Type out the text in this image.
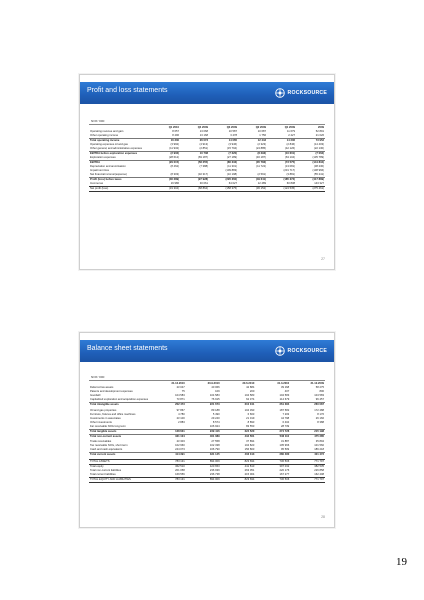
Profit and loss statements	ROCKSOURCE
NOK '000
	Q1 2010	Q4 2009	Q3 2009	Q2 2009	Q1 2009	2009
Operating revenue and gain	8 657	13 068	10 587	10 687	11 679	52 891
Other operating income	8 496	13 168	3 478	1 756	2 427	21 026
Total operating income	16 330	26 073	14 065	12 443	14 206	73 952
Operating expenses oil and gas	(3 992)	(4 913)	(3 946)	(2 323)	(2 846)	(14 403)
Other general, and administrative expenses	(11 932)	(2 851)	(15 794)	(24 885)	(42 126)	(22 130)
EBITDA before exploration expenses	(2 902)	10 708	(7 220)	(8 293)	(10 601)	(7 062)
Exploration expenses	(28 612)	(69 187)	(27 189)	(46 187)	(63 104)	(135 789)
EBITDA	(29 015)	(58 255)	(86 333)	(35 783)	(73 575)	(144 834)
Depreciation and amortisation	(8 462)	(7 388)	(11 301)	(11 722)	(13 081)	(38 230)
Impairment loss			(109 883)		(231 717)	(138 966)
Net financial income/(expense)	(8 303)	(32 317)	(10 198)	(2 591)	(3 881)	(55 241)
Profit (loss) before taxes	(36 289)	(97 928)	(226 360)	(49 641)	(185 372)	(417 889)
Income tax	16 986	30 061	64 027	12 489	60 838	143 327
Net profit (loss)	(19 304)	(68 864)	(158 375)	(36 152)	(124 535)	(275 461)
27
Balance sheet statements	ROCKSOURCE
NOK '000
	31.12.2010	30.9.2010	30.6.2010	31.3.2010	31.12.2009
Deferred tax assets	23 047	40 066	42 884	39 168	58 275
Patents and development expenses	75	109	200	407	800
Goodwill	104 583	104 583	104 583	104 583	104 583
Capitalized exploration and acquisition expenses	73 871	76 915	62 374	114 679	96 457
Total intangible assets	202 473	221 673	210 041	261 384	260 087

Oil and gas properties	97 867	89 188	104 393	187 582	172 488
Furniture, fixtures and office machines	4 780	5 490	6 663	7 203	8 176
Investments in associates	23 100	29 240	21 019	44 798	26 166
Other investments	2 883	8 574	8 893	6 404	8 388
Far receivable NOG long term		106 924	83 553	28 739	
Total tangible assets	128 631	239 416	224 520	274 726	215 198
Total non-current assets	331 104	461 089	434 561	536 110	475 285

Trade receivables	23 303	27 558	37 894	31 887	35 894
Tax receivable NOG, short term	102 960	102 338	104 823	105 966	101 560
Cash and cash equivalents	244 073	166 790	156 803	95 509	186 218
Total current assets	414 391	331 145	403 313	280 480	401 472

TOTAL ASSETS	783 131	894 009	823 694	736 506	771 797
Total equity	362 510	420 653	441 813	397 032	382 535
Total non-current liabilities	201 058	236 939	263 051	220 176	226 858
Total current liabilities	169 556	236 738	215 004	167 277	162 408
TOTAL EQUITY AND LIABILITIES	783 131	894 009	823 694	736 506	771 797
28
19
